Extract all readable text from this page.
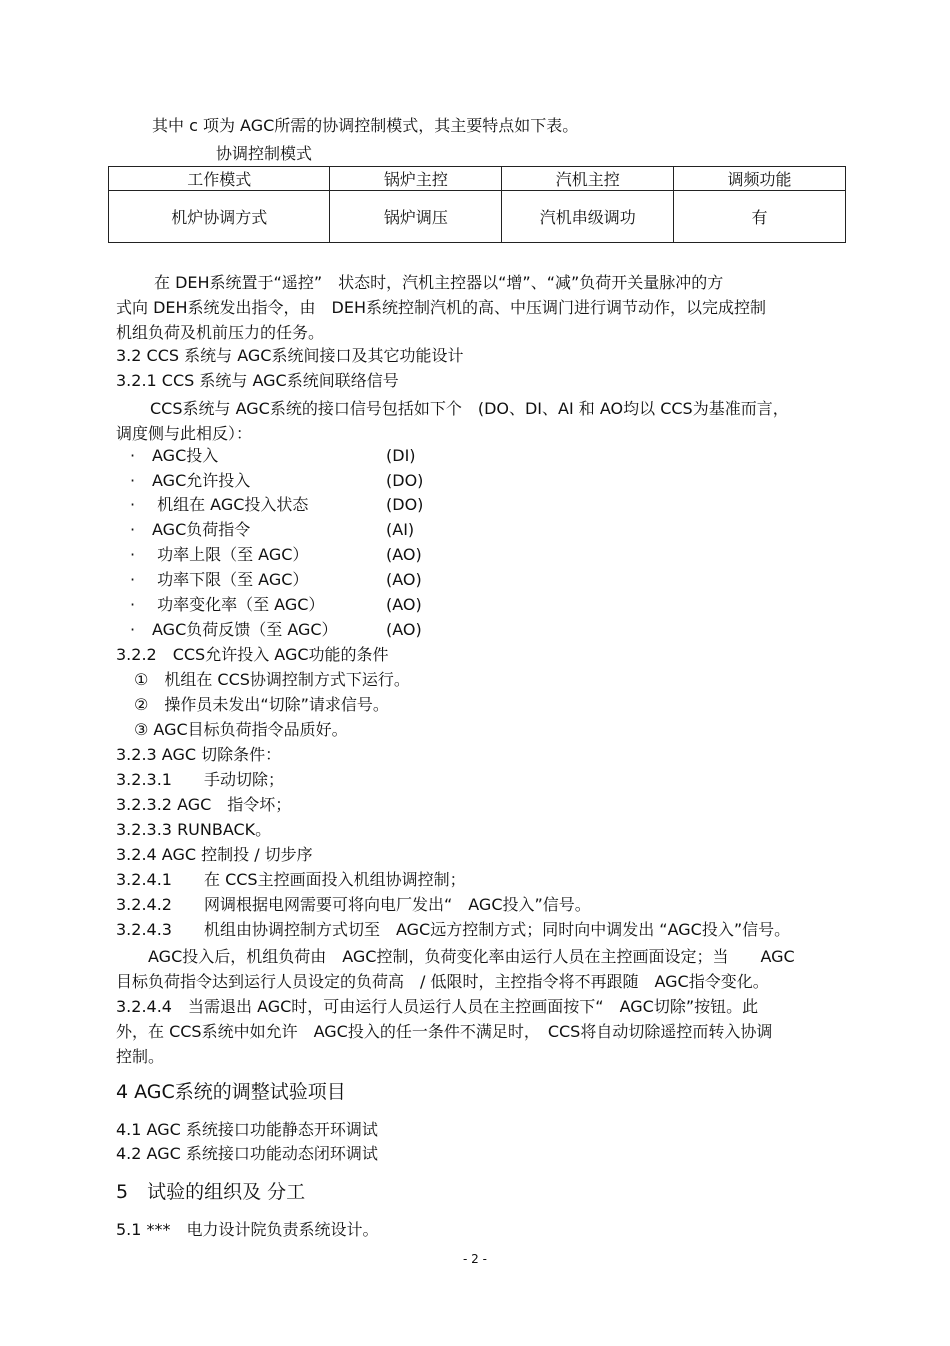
其中 c 项为 AGC所需的协调控制模式，其主要特点如下表。
协调控制模式
工作模式	锅炉主控	汽机主控	调频功能
机炉协调方式	锅炉调压	汽机串级调功	有

在 DEH系统置于“遥控”　状态时，汽机主控器以“增”、“减”负荷开关量脉冲的方

式向 DEH系统发出指令，由　DEH系统控制汽机的高、中压调门进行调节动作，以完成控制

机组负荷及机前压力的任务。

3.2 CCS 系统与 AGC系统间接口及其它功能设计
3.2.1 CCS 系统与 AGC系统间联络信号

CCS系统与 AGC系统的接口信号包括如下个　(DO、DI、AI 和 AO均以 CCS为基准而言，

调度侧与此相反）：

· AGC投入	(DI)
· AGC允许投入	(DO)
· 机组在 AGC投入状态	(DO)
· AGC负荷指令	(AI)
· 功率上限（至 AGC）	(AO)
· 功率下限（至 AGC）	(AO)
· 功率变化率（至 AGC）	(AO)
· AGC负荷反馈（至 AGC）	(AO)
3.2.2　CCS允许投入 AGC功能的条件
①　机组在 CCS协调控制方式下运行。
②　操作员未发出“切除”请求信号。
③ AGC目标负荷指令品质好。
3.2.3 AGC 切除条件：
3.2.3.1　　手动切除；
3.2.3.2 AGC　指令坏；
3.2.3.3 RUNBACK。
3.2.4 AGC 控制投 / 切步序
3.2.4.1　　在 CCS主控画面投入机组协调控制；
3.2.4.2　　网调根据电网需要可将向电厂发出“　AGC投入”信号。
3.2.4.3　　机组由协调控制方式切至　AGC远方控制方式；同时向中调发出 “AGC投入”信号。

　　AGC投入后，机组负荷由　AGC控制，负荷变化率由运行人员在主控画面设定；当　　AGC

目标负荷指令达到运行人员设定的负荷高　/ 低限时，主控指令将不再跟随　AGC指令变化。

3.2.4.4　当需退出 AGC时，可由运行人员运行人员在主控画面按下“　AGC切除”按钮。此

外，在 CCS系统中如允许　AGC投入的任一条件不满足时，　CCS将自动切除遥控而转入协调

控制。

4 AGC系统的调整试验项目
4.1 AGC 系统接口功能静态开环调试
4.2 AGC 系统接口功能动态闭环调试
5　试验的组织及 分工
5.1 ***　电力设计院负责系统设计。
- 2 -
